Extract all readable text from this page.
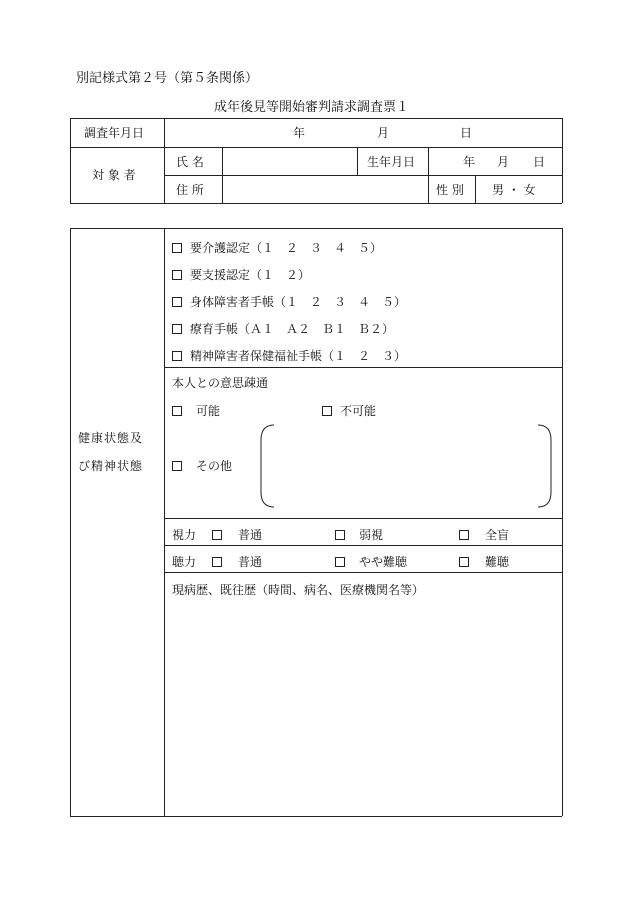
別記様式第２号（第５条関係）
成年後見等開始審判請求調査票１
調査年月日	年	月	日
対 象 者
氏 名	生年月日	年 月 日
住 所	性 別 男 ・ 女
健康状態及
び精神状態
要介護認定（１　２　３　４　５）
要支援認定（１　２）
身体障害者手帳（１　２　３　４　５）
療育手帳（Ａ１　Ａ２　Ｂ１　Ｂ２）
精神障害者保健福祉手帳（１　２　３）
本人との意思疎通
可能	不可能
その他
視力	普通	弱視	全盲
聴力	普通	やや難聴	難聴
現病歴、既往歴（時間、病名、医療機関名等）
